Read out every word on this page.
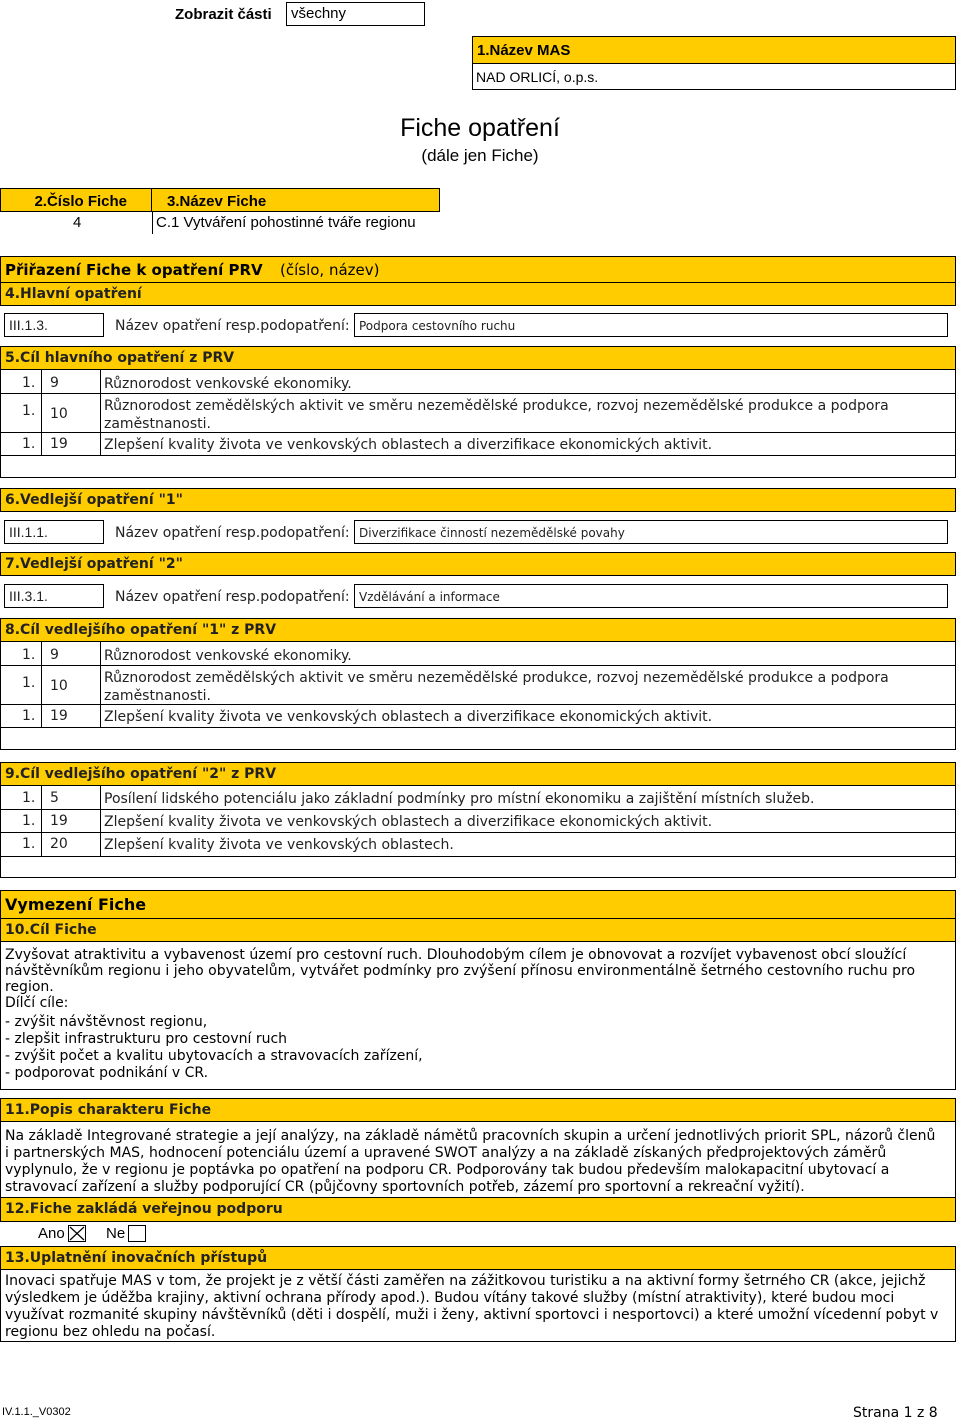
Zobrazit části	všechny
1.Název MAS
NAD ORLICÍ, o.p.s.
Fiche opatření
(dále jen Fiche)
2.Číslo Fiche	3.Název Fiche
4	C.1 Vytváření pohostinné tváře regionu
Přiřazení Fiche k opatření PRV (číslo, název)
4.Hlavní opatření
III.1.3.	Název opatření resp.podopatření: Podpora cestovního ruchu
5.Cíl hlavního opatření z PRV
1. 9	Různorodost venkovské ekonomiky.
1. 10	Různorodost zemědělských aktivit ve směru nezemědělské produkce, rozvoj nezemědělské produkce a podpora
zaměstnanosti.
1. 19	Zlepšení kvality života ve venkovských oblastech a diverzifikace ekonomických aktivit.
6.Vedlejší opatření "1"
III.1.1.	Název opatření resp.podopatření: Diverzifikace činností nezemědělské povahy
7.Vedlejší opatření "2"
III.3.1.	Název opatření resp.podopatření: Vzdělávání a informace
8.Cíl vedlejšího opatření "1" z PRV
1. 9	Různorodost venkovské ekonomiky.
1. 10	Různorodost zemědělských aktivit ve směru nezemědělské produkce, rozvoj nezemědělské produkce a podpora
zaměstnanosti.
1. 19	Zlepšení kvality života ve venkovských oblastech a diverzifikace ekonomických aktivit.
9.Cíl vedlejšího opatření "2" z PRV
1. 5	Posílení lidského potenciálu jako základní podmínky pro místní ekonomiku a zajištění místních služeb.
1. 19	Zlepšení kvality života ve venkovských oblastech a diverzifikace ekonomických aktivit.
1. 20	Zlepšení kvality života ve venkovských oblastech.
Vymezení Fiche
10.Cíl Fiche
Zvyšovat atraktivitu a vybavenost území pro cestovní ruch. Dlouhodobým cílem je obnovovat a rozvíjet vybavenost obcí sloužící
návštěvníkům regionu i jeho obyvatelům, vytvářet podmínky pro zvýšení přínosu environmentálně šetrného cestovního ruchu pro
region.
Dílčí cíle:
- zvýšit návštěvnost regionu,
- zlepšit infrastrukturu pro cestovní ruch
- zvýšit počet a kvalitu ubytovacích a stravovacích zařízení,
- podporovat podnikání v CR.
11.Popis charakteru Fiche
Na základě Integrované strategie a její analýzy, na základě námětů pracovních skupin a určení jednotlivých priorit SPL, názorů členů
i partnerských MAS, hodnocení potenciálu území a upravené SWOT analýzy a na základě získaných předprojektových záměrů
vyplynulo, že v regionu je poptávka po opatření na podporu CR. Podporovány tak budou především malokapacitní ubytovací a
stravovací zařízení a služby podporující CR (půjčovny sportovních potřeb, zázemí pro sportovní a rekreační vyžití).
12.Fiche zakládá veřejnou podporu
Ano	Ne
13.Uplatnění inovačních přístupů
Inovaci spatřuje MAS v tom, že projekt je z větší části zaměřen na zážitkovou turistiku a na aktivní formy šetrného CR (akce, jejichž
výsledkem je úděžba krajiny, aktivní ochrana přírody apod.). Budou vítány takové služby (místní atraktivity), které budou moci
využívat rozmanité skupiny návštěvníků (děti i dospělí, muži i ženy, aktivní sportovci i nesportovci) a které umožní vícedenní pobyt v
regionu bez ohledu na počasí.
IV.1.1._V0302	Strana 1 z 8
